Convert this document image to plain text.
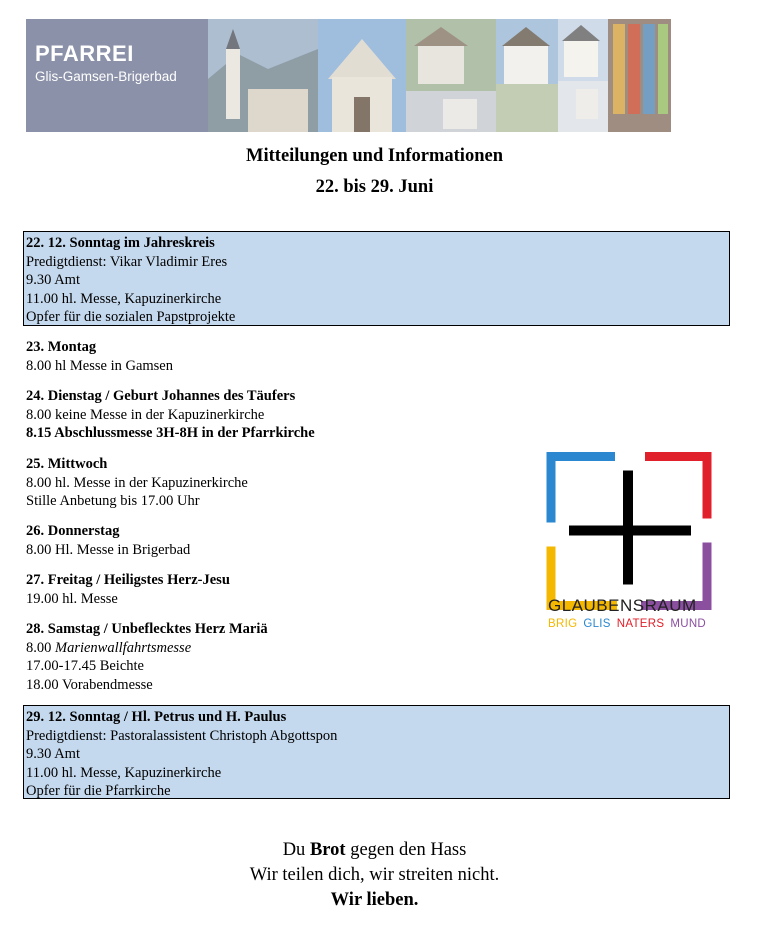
PFARREI
Glis-Gamsen-Brigerbad
Mitteilungen und Informationen
22. bis 29. Juni
22. 12. Sonntag im Jahreskreis
Predigtdienst: Vikar Vladimir Eres
9.30 Amt
11.00 hl. Messe, Kapuzinerkirche
Opfer für die sozialen Papstprojekte
23. Montag
8.00 hl Messe in Gamsen
24. Dienstag / Geburt Johannes des Täufers
8.00 keine Messe in der Kapuzinerkirche
8.15 Abschlussmesse 3H-8H in der Pfarrkirche
25. Mittwoch
8.00 hl. Messe in der Kapuzinerkirche
Stille Anbetung bis 17.00 Uhr
26. Donnerstag
8.00 Hl. Messe in Brigerbad
27. Freitag / Heiligstes Herz-Jesu
19.00 hl. Messe
28. Samstag / Unbeflecktes Herz Mariä
8.00 Marienwallfahrtsmesse
17.00-17.45 Beichte
18.00 Vorabendmesse
29. 12. Sonntag / Hl. Petrus und H. Paulus
Predigtdienst: Pastoralassistent Christoph Abgottspon
9.30 Amt
11.00 hl. Messe, Kapuzinerkirche
Opfer für die Pfarrkirche
GLAUBENSRAUM
BRIG GLIS NATERS MUND
Du Brot gegen den Hass
Wir teilen dich, wir streiten nicht.
Wir lieben.
